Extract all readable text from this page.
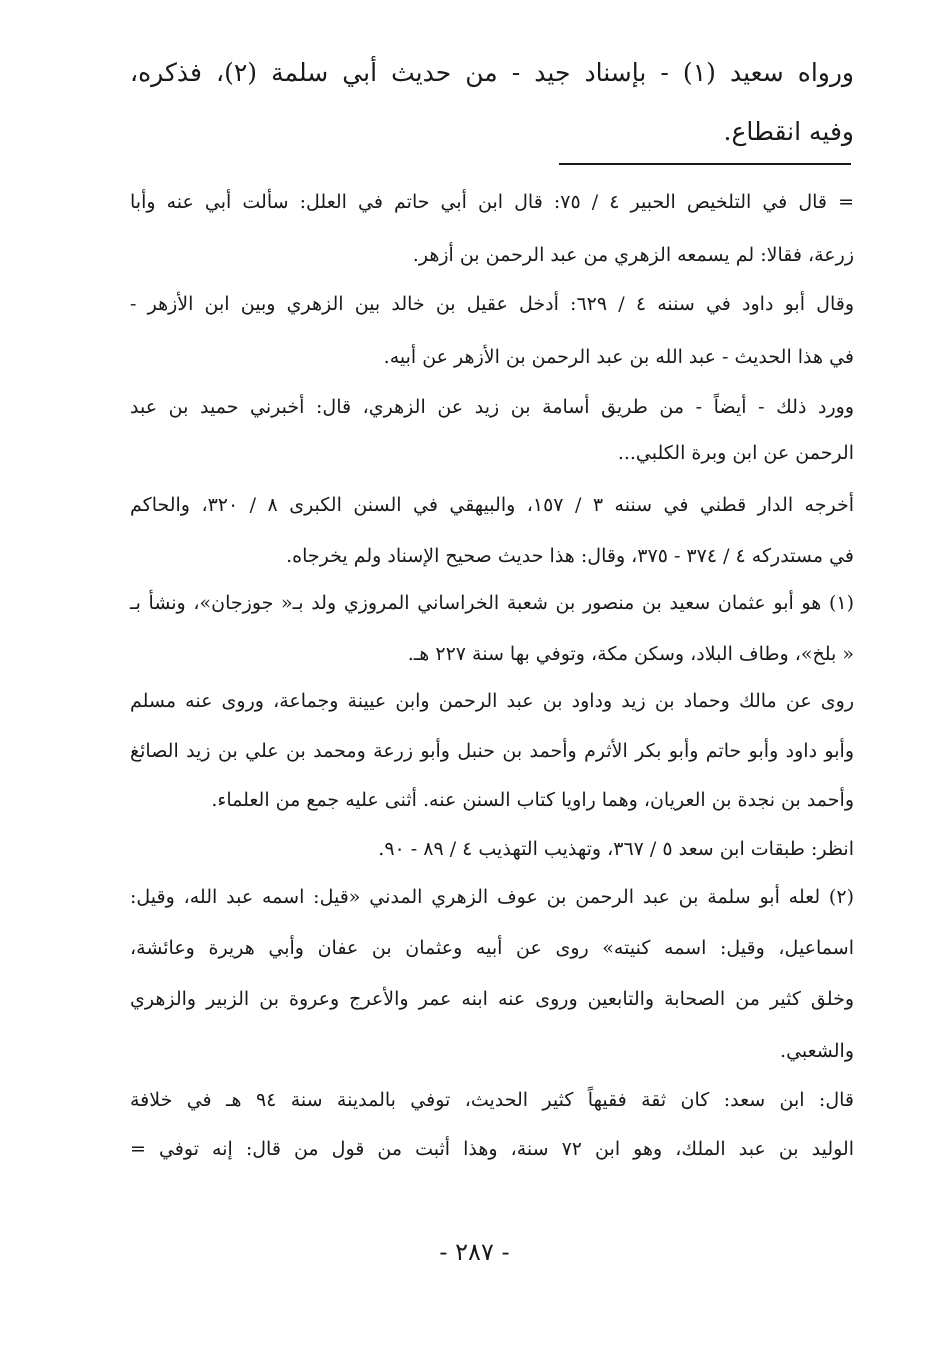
ورواه سعيد (١) - بإسناد جيد - من حديث أبي سلمة (٢)، فذكره،
وفيه انقطاع.
= قال في التلخيص الحبير ٤ / ٧٥: قال ابن أبي حاتم في العلل: سألت أبي عنه وأبا
زرعة، فقالا: لم يسمعه الزهري من عبد الرحمن بن أزهر.
وقال أبو داود في سننه ٤ / ٦٢٩: أدخل عقيل بن خالد بين الزهري وبين ابن الأزهر -
في هذا الحديث - عبد الله بن عبد الرحمن بن الأزهر عن أبيه.
وورد ذلك - أيضاً - من طريق أسامة بن زيد عن الزهري، قال: أخبرني حميد بن عبد
الرحمن عن ابن وبرة الكلبي...
أخرجه الدار قطني في سننه ٣ / ١٥٧، والبيهقي في السنن الكبرى ٨ / ٣٢٠، والحاكم
في مستدركه ٤ / ٣٧٤ - ٣٧٥، وقال: هذا حديث صحيح الإسناد ولم يخرجاه.
(١) هو أبو عثمان سعيد بن منصور بن شعبة الخراساني المروزي ولد بـ« جوزجان»، ونشأ بـ
« بلخ»، وطاف البلاد، وسكن مكة، وتوفي بها سنة ٢٢٧ هـ.
روى عن مالك وحماد بن زيد وداود بن عبد الرحمن وابن عيينة وجماعة، وروى عنه مسلم
وأبو داود وأبو حاتم وأبو بكر الأثرم وأحمد بن حنبل وأبو زرعة ومحمد بن علي بن زيد الصائغ
وأحمد بن نجدة بن العريان، وهما راويا كتاب السنن عنه. أثنى عليه جمع من العلماء.
انظر: طبقات ابن سعد ٥ / ٣٦٧، وتهذيب التهذيب ٤ / ٨٩ - ٩٠.
(٢) لعله أبو سلمة بن عبد الرحمن بن عوف الزهري المدني «قيل: اسمه عبد الله، وقيل:
اسماعيل، وقيل: اسمه كنيته» روى عن أبيه وعثمان بن عفان وأبي هريرة وعائشة،
وخلق كثير من الصحابة والتابعين وروى عنه ابنه عمر والأعرج وعروة بن الزبير والزهري
والشعبي.
قال: ابن سعد: كان ثقة فقيهاً كثير الحديث، توفي بالمدينة سنة ٩٤ هـ في خلافة
الوليد بن عبد الملك، وهو ابن ٧٢ سنة، وهذا أثبت من قول من قال: إنه توفي =
- ٢٨٧ -
